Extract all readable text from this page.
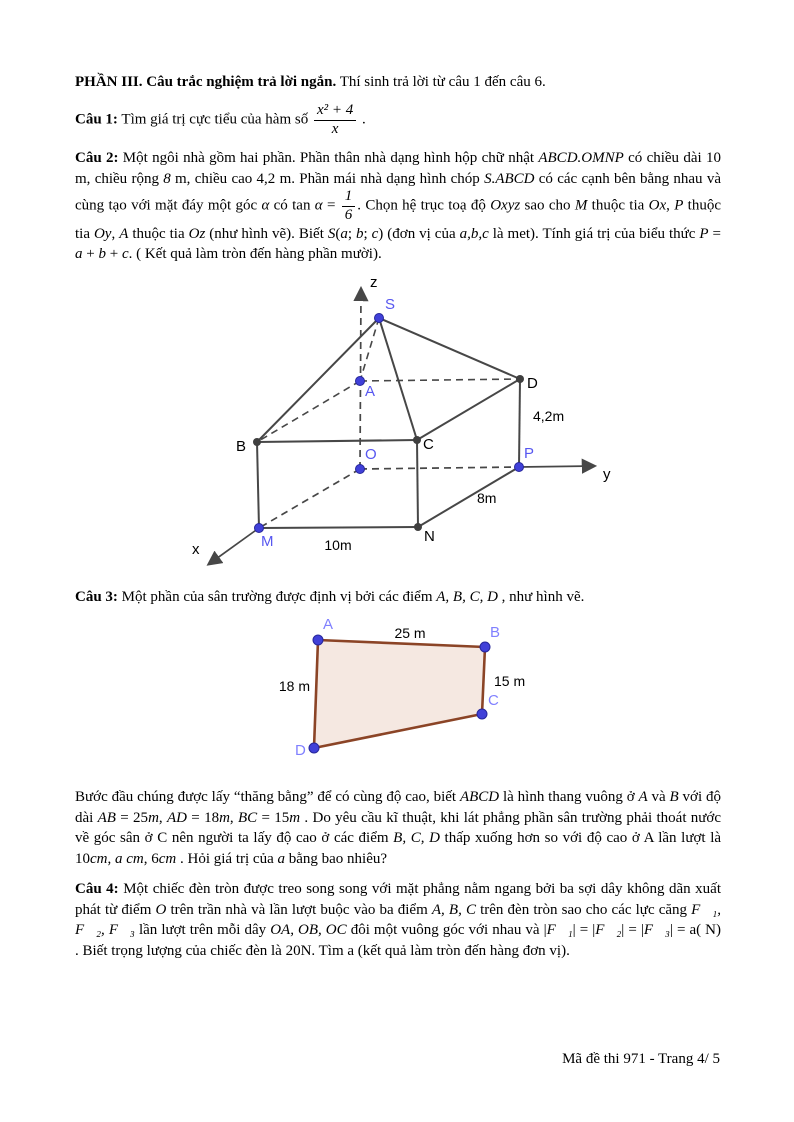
PHẦN III. Câu trắc nghiệm trả lời ngắn. Thí sinh trả lời từ câu 1 đến câu 6.

Câu 1: Tìm giá trị cực tiểu của hàm số $\frac{\text{x² + 4}}{x}$ .

Câu 2: Một ngôi nhà gồm hai phần. Phần thân nhà dạng hình hộp chữ nhật ABCD.OMNP có chiều dài 10 m, chiều rộng 8 m, chiều cao 4,2 m. Phần mái nhà dạng hình chóp S.ABCD có các cạnh bên bằng nhau và cùng tạo với mặt đáy một góc α có $\tan \alpha = \frac{1}{6}$ . Chọn hệ trục toạ độ Oxyz sao cho M thuộc tia Ox, P thuộc tia Oy, A thuộc tia Oz (như hình vẽ). Biết S(a; b; c) (đơn vị của a,b,c là met). Tính giá trị của biểu thức P = a + b + c. ( Kết quả làm tròn đến hàng phần mười).

z
x
y
S
A
O
M
P
B	C
D
N
4,2m
8m
10m

Câu 3: Một phần của sân trường được định vị bởi các điểm A, B, C, D , như hình vẽ.

A	B
C
D
25 m
15 m
18 m

Bước đầu chúng được lấy “thăng bằng” để có cùng độ cao, biết ABCD là hình thang vuông ở A và B với độ dài AB = 25m, AD = 18m, BC = 15m . Do yêu cầu kĩ thuật, khi lát phẳng phần sân trường phải thoát nước về góc sân ở C nên người ta lấy độ cao ở các điểm B, C, D thấp xuống hơn so với độ cao ở A lần lượt là 10cm, a cm, 6cm . Hỏi giá trị của a bằng bao nhiêu?

Câu 4: Một chiếc đèn tròn được treo song song với mặt phẳng nằm ngang bởi ba sợi dây không dãn xuất phát từ điểm O trên trần nhà và lần lượt buộc vào ba điểm A, B, C trên đèn tròn sao cho các lực căng F⃗₁, F⃗₂, F⃗₃ lần lượt trên mỗi dây OA, OB, OC đôi một vuông góc với nhau và |F⃗₁| = |F⃗₂| = |F⃗₃| = a( N) . Biết trọng lượng của chiếc đèn là 20N. Tìm a (kết quả làm tròn đến hàng đơn vị).

Mã đề thi 971 - Trang 4/ 5
